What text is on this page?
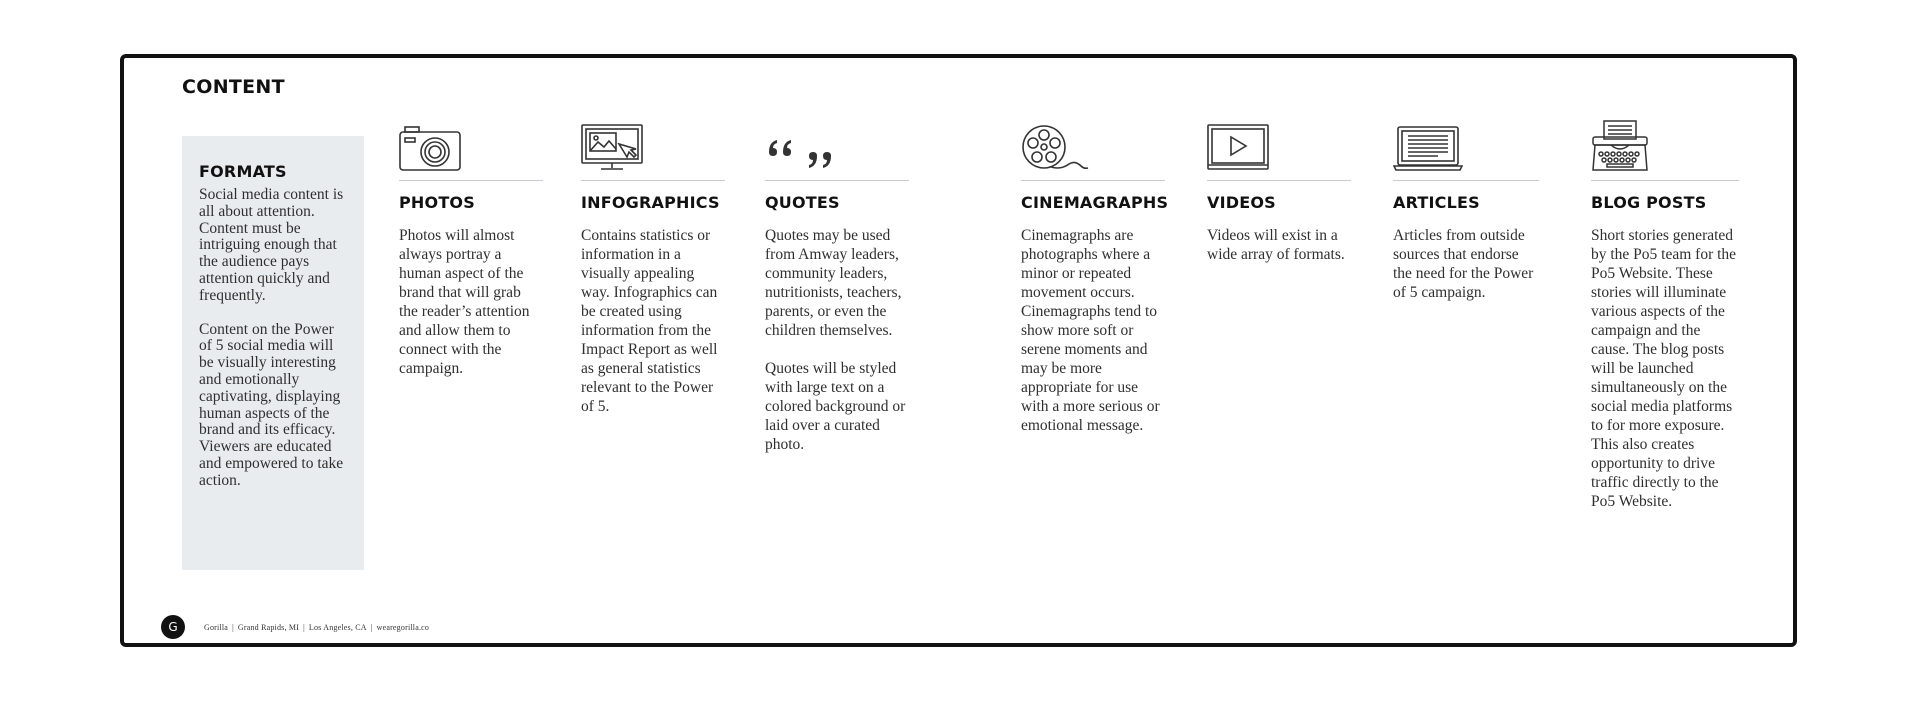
CONTENT
FORMATS

Social media content is all about attention. Content must be intriguing enough that the audience pays attention quickly and frequently.

Content on the Power of 5 social media will be visually interesting and emotionally captivating, displaying human aspects of the brand and its efficacy. Viewers are educated and empowered to take action.

PHOTOS

Photos will almost always portray a human aspect of the brand that will grab the reader’s attention and allow them to connect with the campaign.

INFOGRAPHICS

Contains statistics or information in a visually appealing way. Infographics can be created using information from the Impact Report as well as general statistics relevant to the Power of 5.

QUOTES

Quotes may be used from Amway leaders, community leaders, nutritionists, teachers, parents, or even the children themselves.

Quotes will be styled with large text on a colored background or laid over a curated photo.

CINEMAGRAPHS

Cinemagraphs are photographs where a minor or repeated movement occurs. Cinemagraphs tend to show more soft or serene moments and may be more appropriate for use with a more serious or emotional message.

VIDEOS

Videos will exist in a wide array of formats.

ARTICLES

Articles from outside sources that endorse the need for the Power of 5 campaign.

BLOG POSTS

Short stories generated by the Po5 team for the Po5 Website. These stories will illuminate various aspects of the campaign and the cause. The blog posts will be launched simultaneously on the social media platforms to for more exposure. This also creates opportunity to drive traffic directly to the Po5 Website.

G	Gorilla | Grand Rapids, MI | Los Angeles, CA | wearegorilla.co
